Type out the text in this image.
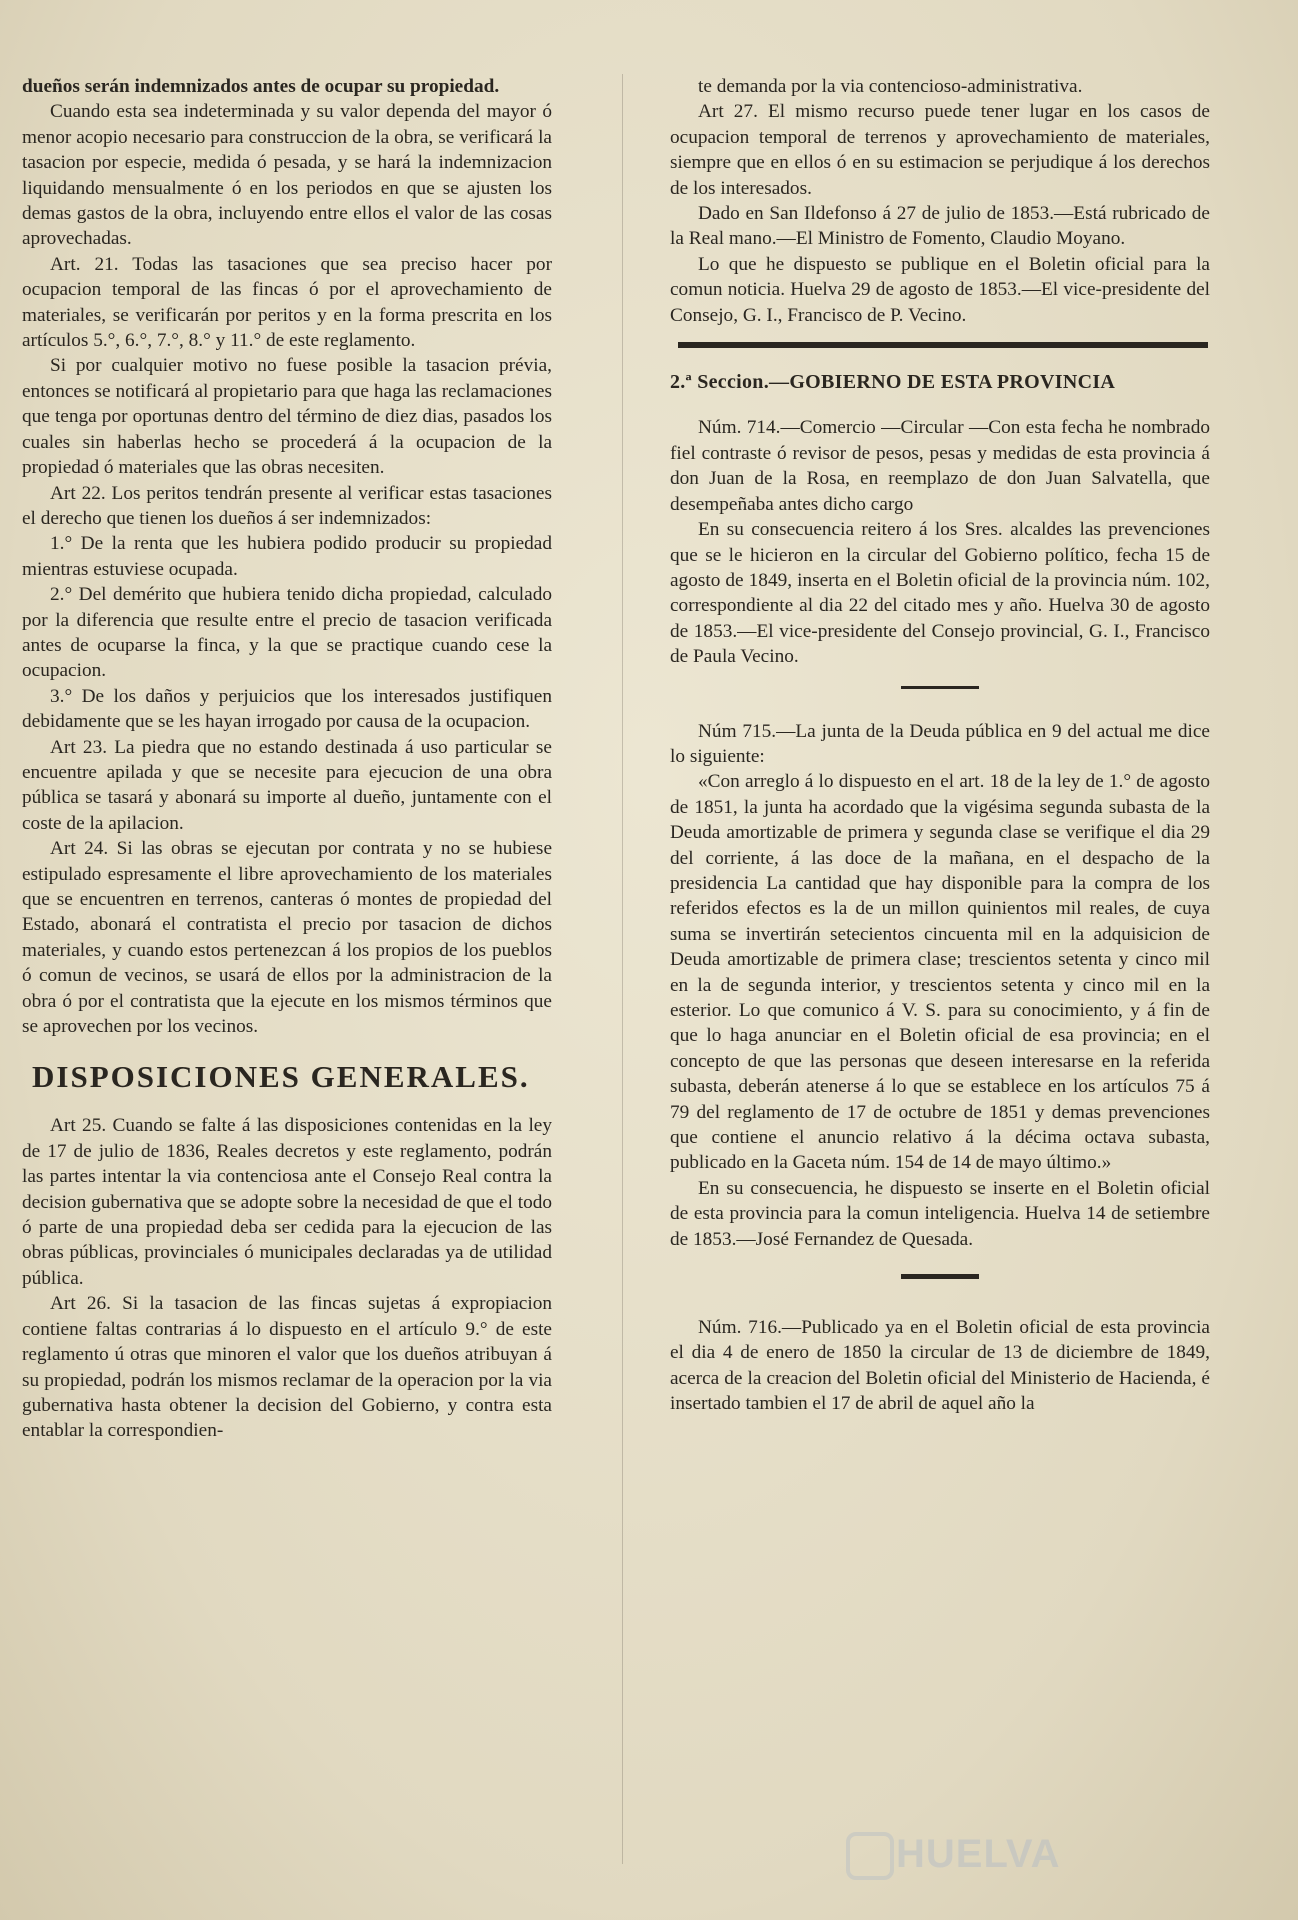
dueños serán indemnizados antes de ocupar su propiedad.

Cuando esta sea indeterminada y su valor dependa del mayor ó menor acopio necesario para construccion de la obra, se verificará la tasacion por especie, medida ó pesada, y se hará la indemnizacion liquidando mensualmente ó en los periodos en que se ajusten los demas gastos de la obra, incluyendo entre ellos el valor de las cosas aprovechadas.

Art. 21. Todas las tasaciones que sea preciso hacer por ocupacion temporal de las fincas ó por el aprovechamiento de materiales, se verificarán por peritos y en la forma prescrita en los artículos 5.°, 6.°, 7.°, 8.° y 11.° de este reglamento.

Si por cualquier motivo no fuese posible la tasacion prévia, entonces se notificará al propietario para que haga las reclamaciones que tenga por oportunas dentro del término de diez dias, pasados los cuales sin haberlas hecho se procederá á la ocupacion de la propiedad ó materiales que las obras necesiten.

Art 22. Los peritos tendrán presente al verificar estas tasaciones el derecho que tienen los dueños á ser indemnizados:

1.° De la renta que les hubiera podido producir su propiedad mientras estuviese ocupada.

2.° Del demérito que hubiera tenido dicha propiedad, calculado por la diferencia que resulte entre el precio de tasacion verificada antes de ocuparse la finca, y la que se practique cuando cese la ocupacion.

3.° De los daños y perjuicios que los interesados justifiquen debidamente que se les hayan irrogado por causa de la ocupacion.

Art 23. La piedra que no estando destinada á uso particular se encuentre apilada y que se necesite para ejecucion de una obra pública se tasará y abonará su importe al dueño, juntamente con el coste de la apilacion.

Art 24. Si las obras se ejecutan por contrata y no se hubiese estipulado espresamente el libre aprovechamiento de los materiales que se encuentren en terrenos, canteras ó montes de propiedad del Estado, abonará el contratista el precio por tasacion de dichos materiales, y cuando estos pertenezcan á los propios de los pueblos ó comun de vecinos, se usará de ellos por la administracion de la obra ó por el contratista que la ejecute en los mismos términos que se aprovechen por los vecinos.

DISPOSICIONES GENERALES.

Art 25. Cuando se falte á las disposiciones contenidas en la ley de 17 de julio de 1836, Reales decretos y este reglamento, podrán las partes intentar la via contenciosa ante el Consejo Real contra la decision gubernativa que se adopte sobre la necesidad de que el todo ó parte de una propiedad deba ser cedida para la ejecucion de las obras públicas, provinciales ó municipales declaradas ya de utilidad pública.

Art 26. Si la tasacion de las fincas sujetas á expropiacion contiene faltas contrarias á lo dispuesto en el artículo 9.° de este reglamento ú otras que minoren el valor que los dueños atribuyan á su propiedad, podrán los mismos reclamar de la operacion por la via gubernativa hasta obtener la decision del Gobierno, y contra esta entablar la correspondien-

te demanda por la via contencioso-administrativa.

Art 27. El mismo recurso puede tener lugar en los casos de ocupacion temporal de terrenos y aprovechamiento de materiales, siempre que en ellos ó en su estimacion se perjudique á los derechos de los interesados.

Dado en San Ildefonso á 27 de julio de 1853.—Está rubricado de la Real mano.—El Ministro de Fomento, Claudio Moyano.

Lo que he dispuesto se publique en el Boletin oficial para la comun noticia. Huelva 29 de agosto de 1853.—El vice-presidente del Consejo, G. I., Francisco de P. Vecino.

2.ª Seccion.—GOBIERNO DE ESTA PROVINCIA

Núm. 714.—Comercio —Circular —Con esta fecha he nombrado fiel contraste ó revisor de pesos, pesas y medidas de esta provincia á don Juan de la Rosa, en reemplazo de don Juan Salvatella, que desempeñaba antes dicho cargo

En su consecuencia reitero á los Sres. alcaldes las prevenciones que se le hicieron en la circular del Gobierno político, fecha 15 de agosto de 1849, inserta en el Boletin oficial de la provincia núm. 102, correspondiente al dia 22 del citado mes y año. Huelva 30 de agosto de 1853.—El vice-presidente del Consejo provincial, G. I., Francisco de Paula Vecino.

Núm 715.—La junta de la Deuda pública en 9 del actual me dice lo siguiente:

«Con arreglo á lo dispuesto en el art. 18 de la ley de 1.° de agosto de 1851, la junta ha acordado que la vigésima segunda subasta de la Deuda amortizable de primera y segunda clase se verifique el dia 29 del corriente, á las doce de la mañana, en el despacho de la presidencia La cantidad que hay disponible para la compra de los referidos efectos es la de un millon quinientos mil reales, de cuya suma se invertirán setecientos cincuenta mil en la adquisicion de Deuda amortizable de primera clase; trescientos setenta y cinco mil en la de segunda interior, y trescientos setenta y cinco mil en la esterior. Lo que comunico á V. S. para su conocimiento, y á fin de que lo haga anunciar en el Boletin oficial de esa provincia; en el concepto de que las personas que deseen interesarse en la referida subasta, deberán atenerse á lo que se establece en los artículos 75 á 79 del reglamento de 17 de octubre de 1851 y demas prevenciones que contiene el anuncio relativo á la décima octava subasta, publicado en la Gaceta núm. 154 de 14 de mayo último.»

En su consecuencia, he dispuesto se inserte en el Boletin oficial de esta provincia para la comun inteligencia. Huelva 14 de setiembre de 1853.—José Fernandez de Quesada.

Núm. 716.—Publicado ya en el Boletin oficial de esta provincia el dia 4 de enero de 1850 la circular de 13 de diciembre de 1849, acerca de la creacion del Boletin oficial del Ministerio de Hacienda, é insertado tambien el 17 de abril de aquel año la

HUELVA
